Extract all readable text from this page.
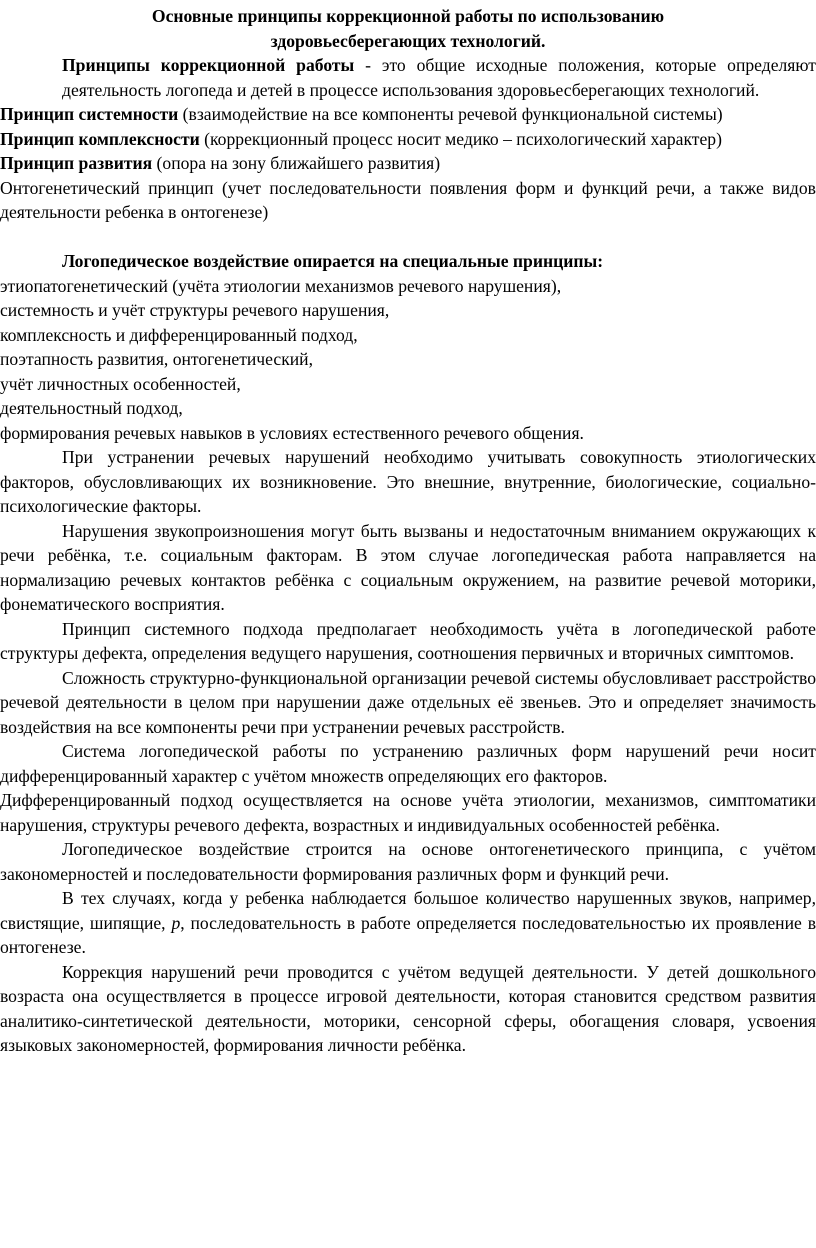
Основные принципы коррекционной работы по использованию

здоровьесберегающих технологий.

Принципы коррекционной работы - это общие исходные положения, которые определяют деятельность логопеда и детей в процессе использования здоровьесберегающих технологий.

Принцип системности (взаимодействие на все компоненты речевой функциональной системы)

Принцип комплексности (коррекционный процесс носит медико – психологический характер)

Принцип развития (опора на зону ближайшего развития)

Онтогенетический принцип (учет последовательности появления форм и функций речи, а также видов деятельности ребенка в онтогенезе)

Логопедическое воздействие опирается на специальные принципы:

этиопатогенетический (учёта этиологии механизмов речевого нарушения),

системность и учёт структуры речевого нарушения,

комплексность и дифференцированный подход,

поэтапность развития, онтогенетический,

учёт личностных особенностей,

деятельностный подход,

формирования речевых навыков в условиях естественного речевого общения.

При устранении речевых нарушений необходимо учитывать совокупность этиологических факторов, обусловливающих их возникновение. Это внешние, внутренние, биологические, социально-психологические факторы.

Нарушения звукопроизношения могут быть вызваны и недостаточным вниманием окружающих к речи ребёнка, т.е. социальным факторам. В этом случае логопедическая работа направляется на нормализацию речевых контактов ребёнка с социальным окружением, на развитие речевой моторики, фонематического восприятия.

Принцип системного подхода предполагает необходимость учёта в логопедической работе структуры дефекта, определения ведущего нарушения, соотношения первичных и вторичных симптомов.

Сложность структурно-функциональной организации речевой системы обусловливает расстройство речевой деятельности в целом при нарушении даже отдельных её звеньев. Это и определяет значимость воздействия на все компоненты речи при устранении речевых расстройств.

Система логопедической работы по устранению различных форм нарушений речи носит дифференцированный характер с учётом множеств определяющих его факторов.

Дифференцированный подход осуществляется на основе учёта этиологии, механизмов, симптоматики нарушения, структуры речевого дефекта, возрастных и индивидуальных особенностей ребёнка.

Логопедическое воздействие строится на основе онтогенетического принципа, с учётом закономерностей и последовательности формирования различных форм и функций речи.

В тех случаях, когда у ребенка наблюдается большое количество нарушенных звуков, например, свистящие, шипящие, р, последовательность в работе определяется последовательностью их проявление в онтогенезе.

Коррекция нарушений речи проводится с учётом ведущей деятельности. У детей дошкольного возраста она осуществляется в процессе игровой деятельности, которая становится средством развития аналитико-синтетической деятельности, моторики, сенсорной сферы, обогащения словаря, усвоения языковых закономерностей, формирования личности ребёнка.
